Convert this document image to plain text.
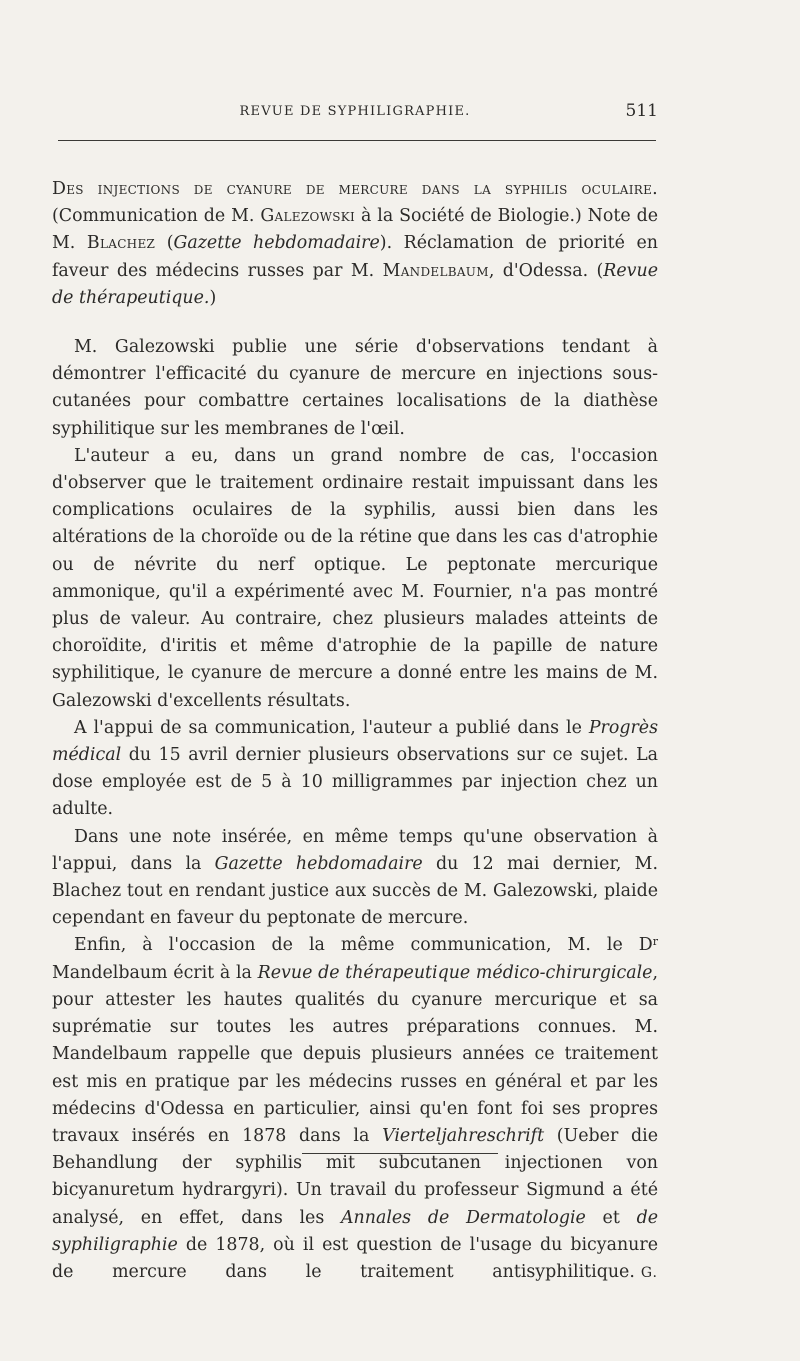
REVUE DE SYPHILIGRAPHIE.	511

Des injections de cyanure de mercure dans la syphilis oculaire. (Communication de M. Galezowski à la Société de Biologie.) Note de M. Blachez (Gazette hebdomadaire). Réclamation de priorité en faveur des médecins russes par M. Mandelbaum, d'Odessa. (Revue de thérapeutique.)

M. Galezowski publie une série d'observations tendant à démontrer l'efficacité du cyanure de mercure en injections sous-cutanées pour combattre certaines localisations de la diathèse syphilitique sur les membranes de l'œil.

L'auteur a eu, dans un grand nombre de cas, l'occasion d'observer que le traitement ordinaire restait impuissant dans les complications oculaires de la syphilis, aussi bien dans les altérations de la choroïde ou de la rétine que dans les cas d'atrophie ou de névrite du nerf optique. Le peptonate mercurique ammonique, qu'il a expérimenté avec M. Fournier, n'a pas montré plus de valeur. Au contraire, chez plusieurs malades atteints de choroïdite, d'iritis et même d'atrophie de la papille de nature syphilitique, le cyanure de mercure a donné entre les mains de M. Galezowski d'excellents résultats.

A l'appui de sa communication, l'auteur a publié dans le Progrès médical du 15 avril dernier plusieurs observations sur ce sujet. La dose employée est de 5 à 10 milligrammes par injection chez un adulte.

Dans une note insérée, en même temps qu'une observation à l'appui, dans la Gazette hebdomadaire du 12 mai dernier, M. Blachez tout en rendant justice aux succès de M. Galezowski, plaide cependant en faveur du peptonate de mercure.

Enfin, à l'occasion de la même communication, M. le $D^r$ Mandelbaum écrit à la Revue de thérapeutique médico-chirurgicale, pour attester les hautes qualités du cyanure mercurique et sa suprématie sur toutes les autres préparations connues. M. Mandelbaum rappelle que depuis plusieurs années ce traitement est mis en pratique par les médecins russes en général et par les médecins d'Odessa en particulier, ainsi qu'en font foi ses propres travaux insérés en 1878 dans la Vierteljahreschrift (Ueber die Behandlung der syphilis mit subcutanen injectionen von bicyanuretum hydrargyri). Un travail du professeur Sigmund a été analysé, en effet, dans les Annales de Dermatologie et de syphiligraphie de 1878, où il est question de l'usage du bicyanure de mercure dans le traitement antisyphilitique. G.
